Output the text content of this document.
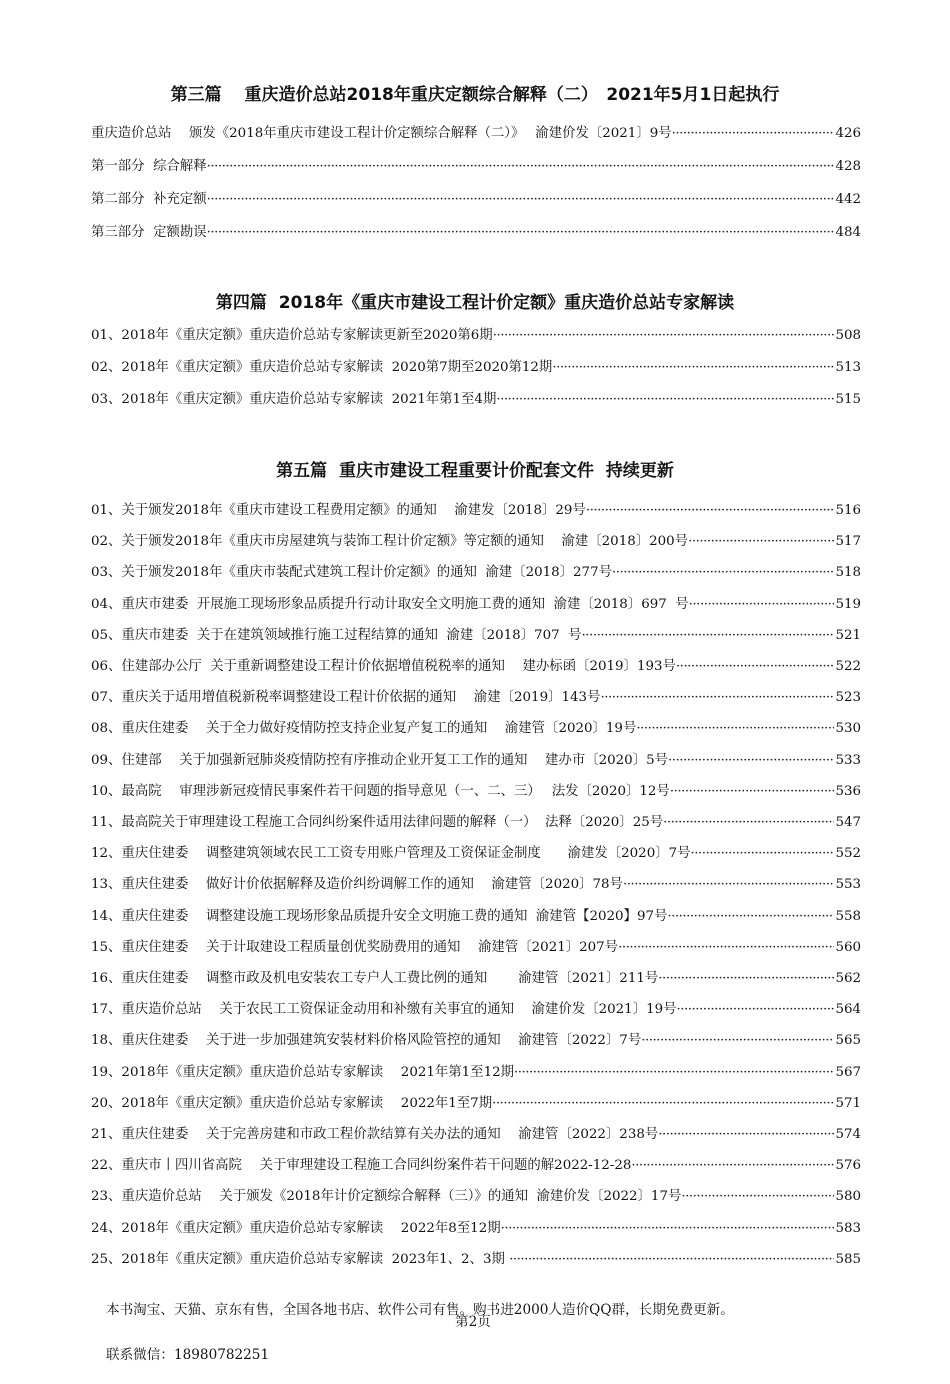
第三篇　 重庆造价总站2018年重庆定额综合解释（二）　2021年5月1日起执行
重庆造价总站　 颁发《2018年重庆市建设工程计价定额综合解释（二）》　 渝建价发〔2021〕9号 ·····	426
第一部分  综合解释 ·····	428
第二部分  补充定额 ·····	442
第三部分  定额勘误 ·····	484
第四篇  2018年《重庆市建设工程计价定额》重庆造价总站专家解读
01、2018年《重庆定额》重庆造价总站专家解读更新至2020第6期 ·····	508
02、2018年《重庆定额》重庆造价总站专家解读  2020第7期至2020第12期 ·····	513
03、2018年《重庆定额》重庆造价总站专家解读  2021年第1至4期 ·····	515
第五篇  重庆市建设工程重要计价配套文件  持续更新
01、关于颁发2018年《重庆市建设工程费用定额》的通知　 渝建发〔2018〕29号 ·····	516
02、关于颁发2018年《重庆市房屋建筑与装饰工程计价定额》等定额的通知　 渝建〔2018〕200号 ·····	517
03、关于颁发2018年《重庆市装配式建筑工程计价定额》的通知  渝建〔2018〕277号 ·····	518
04、重庆市建委  开展施工现场形象品质提升行动计取安全文明施工费的通知  渝建〔2018〕697  号 ·····	519
05、重庆市建委  关于在建筑领域推行施工过程结算的通知  渝建〔2018〕707  号 ·····	521
06、住建部办公厅  关于重新调整建设工程计价依据增值税税率的通知　 建办标函〔2019〕193号 ·····	522
07、重庆关于适用增值税新税率调整建设工程计价依据的通知　 渝建〔2019〕143号 ·····	523
08、重庆住建委　 关于全力做好疫情防控支持企业复产复工的通知　 渝建管〔2020〕19号 ·····	530
09、住建部　 关于加强新冠肺炎疫情防控有序推动企业开复工工作的通知　 建办市〔2020〕5号 ·····	533
10、最高院　 审理涉新冠疫情民事案件若干问题的指导意见（一、二、三）　 法发〔2020〕12号 ·····	536
11、最高院关于审理建设工程施工合同纠纷案件适用法律问题的解释（一）  法释〔2020〕25号 ·····	547
12、重庆住建委　 调整建筑领域农民工工资专用账户管理及工资保证金制度　　渝建发〔2020〕7号 ·····	552
13、重庆住建委　 做好计价依据解释及造价纠纷调解工作的通知　 渝建管〔2020〕78号 ·····	553
14、重庆住建委　 调整建设施工现场形象品质提升安全文明施工费的通知  渝建管【2020】97号 ·····	558
15、重庆住建委　 关于计取建设工程质量创优奖励费用的通知　 渝建管〔2021〕207号 ·····	560
16、重庆住建委　 调整市政及机电安装农工专户人工费比例的通知　　 渝建管〔2021〕211号 ·····	562
17、重庆造价总站　 关于农民工工资保证金动用和补缴有关事宜的通知　 渝建价发〔2021〕19号 ·····	564
18、重庆住建委　 关于进一步加强建筑安装材料价格风险管控的通知　 渝建管〔2022〕7号 ·····	565
19、2018年《重庆定额》重庆造价总站专家解读　 2021年第1至12期 ·····	567
20、2018年《重庆定额》重庆造价总站专家解读　 2022年1至7期 ·····	571
21、重庆住建委　 关于完善房建和市政工程价款结算有关办法的通知　 渝建管〔2022〕238号 ·····	574
22、重庆市丨四川省高院　 关于审理建设工程施工合同纠纷案件若干问题的解2022-12-28 ·····	576
23、重庆造价总站　 关于颁发《2018年计价定额综合解释（三）》的通知  渝建价发〔2022〕17号 ·····	580
24、2018年《重庆定额》重庆造价总站专家解读　 2022年8至12期 ·····	583
25、2018年《重庆定额》重庆造价总站专家解读  2023年1、2、3期 ·····	585
本书淘宝、天猫、京东有售，全国各地书店、软件公司有售。购书进2000人造价QQ群，长期免费更新。
第2页
联系微信：18980782251
